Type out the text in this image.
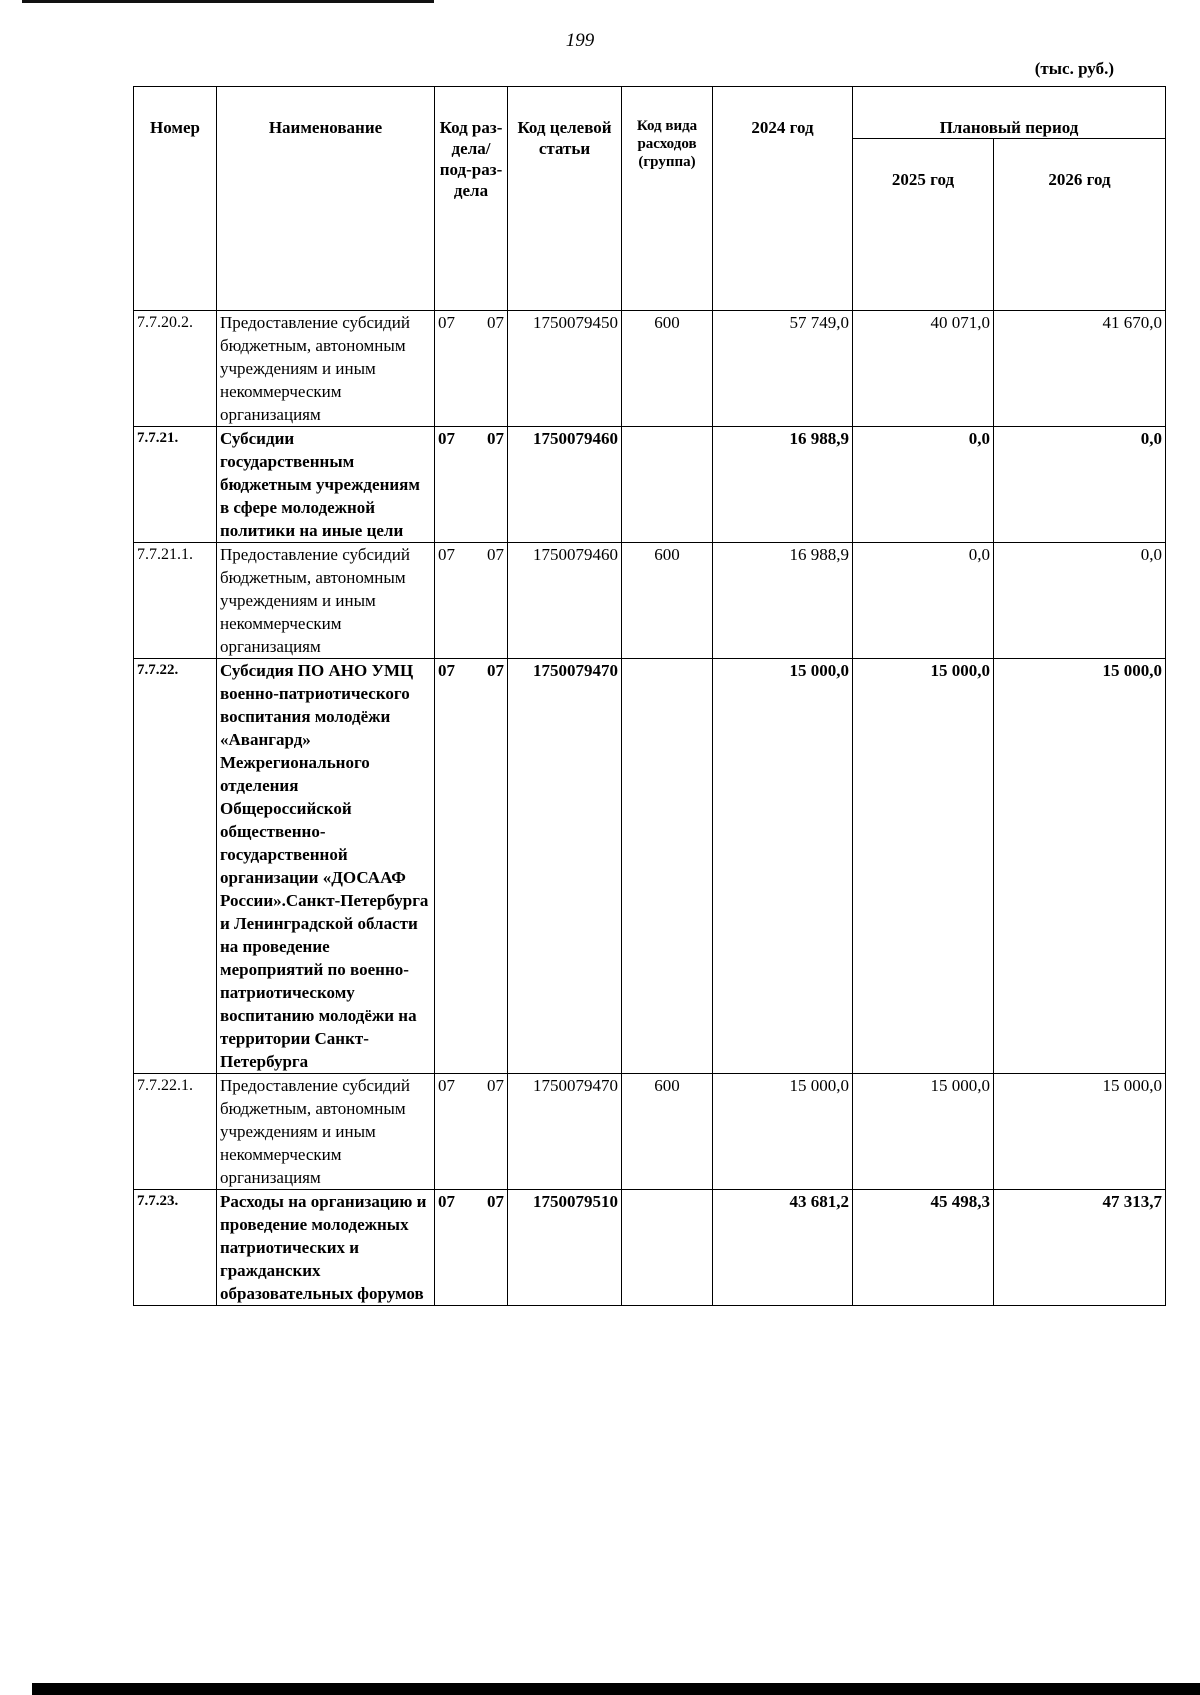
199
(тыс. руб.)
Номер	Наименование	Код раз-дела/ под-раз-дела	Код целевой статьи	Код вида расходов (группа)	2024 год	Плановый период	
						2025 год	2026 год
7.7.20.2.	Предоставление субсидий бюджетным, автономным учреждениям и иным некоммерческим организациям	07 07	1750079450	600	57 749,0	40 071,0	41 670,0
7.7.21.	Субсидии государственным бюджетным учреждениям в сфере молодежной политики на иные цели	07 07	1750079460		16 988,9	0,0	0,0
7.7.21.1.	Предоставление субсидий бюджетным, автономным учреждениям и иным некоммерческим организациям	07 07	1750079460	600	16 988,9	0,0	0,0
7.7.22.	Субсидия ПО АНО УМЦ военно-патриотического воспитания молодёжи «Авангард» Межрегионального отделения Общероссийской общественно-государственной организации «ДОСААФ России».Санкт-Петербурга и Ленинградской области на проведение мероприятий по военно-патриотическому воспитанию молодёжи на территории Санкт-Петербурга	07 07	1750079470		15 000,0	15 000,0	15 000,0
7.7.22.1.	Предоставление субсидий бюджетным, автономным учреждениям и иным некоммерческим организациям	07 07	1750079470	600	15 000,0	15 000,0	15 000,0
7.7.23.	Расходы на организацию и проведение молодежных патриотических и гражданских образовательных форумов	07 07	1750079510		43 681,2	45 498,3	47 313,7
